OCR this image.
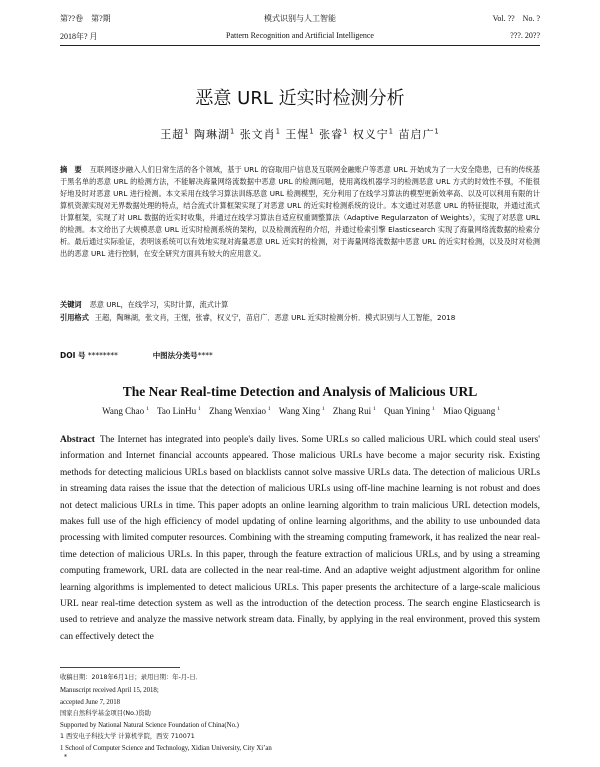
第??卷　第?期	模式识别与人工智能	Vol. ??　No. ?
2018年? 月	Pattern Recognition and Artificial Intelligence	???. 20??
恶意 URL 近实时检测分析
王超$^1$ 陶琳湖$^1$ 张文肖$^1$ 王惺$^1$ 张睿$^1$ 权义宁$^1$ 苗启广$^1$
摘　要 互联网逐步融入人们日常生活的各个领域，基于 URL 的窃取用户信息及互联网金融账户等恶意 URL 开始成为了一大安全隐患，已有的传统基于黑名单的恶意 URL 的检测方法，不能解决海量网络流数据中恶意 URL 的检测问题，使用离线机器学习的检测恶意 URL 方式的时效性不强，不能很好地及时对恶意 URL 进行检测。本文采用在线学习算法训练恶意 URL 检测模型，充分利用了在线学习算法的模型更新效率高、以及可以利用有限的计算机资源实现对无界数据处理的特点，结合流式计算框架实现了对恶意 URL 的近实时检测系统的设计。本文通过对恶意 URL 的特征提取，并通过流式计算框架，实现了对 URL 数据的近实时收集，并通过在线学习算法自适应权重调整算法（Adaptive Regularzaton of Weights），实现了对恶意 URL 的检测。本文给出了大规模恶意 URL 近实时检测系统的架构，以及检测流程的介绍，并通过检索引擎 Elasticsearch 实现了海量网络流数据的检索分析。最后通过实际验证，表明该系统可以有效地实现对海量恶意 URL 近实时的检测，对于海量网络流数据中恶意 URL 的近实时检测，以及及时对检测出的恶意 URL 进行控制，在安全研究方面具有较大的应用意义。
关键词 恶意 URL，在线学习，实时计算，流式计算
引用格式 王超，陶琳湖，张文肖，王惺，张睿，权义宁，苗启广．恶意 URL 近实时检测分析．模式识别与人工智能，2018
DOI 号 ********	中图法分类号****
The Near Real-time Detection and Analysis of Malicious URL
Wang Chao $^1$ Tao LinHu $^1$ Zhang Wenxiao $^1$ Wang Xing $^1$ Zhang Rui $^1$ Quan Yining $^1$ Miao Qiguang $^1$
Abstract The Internet has integrated into people's daily lives. Some URLs so called malicious URL which could steal users' information and Internet financial accounts appeared. Those malicious URLs have become a major security risk. Existing methods for detecting malicious URLs based on blacklists cannot solve massive URLs data. The detection of malicious URLs in streaming data raises the issue that the detection of malicious URLs using off-line machine learning is not robust and does not detect malicious URLs in time. This paper adopts an online learning algorithm to train malicious URL detection models, makes full use of the high efficiency of model updating of online learning algorithms, and the ability to use unbounded data processing with limited computer resources. Combining with the streaming computing framework, it has realized the near real-time detection of malicious URLs. In this paper, through the feature extraction of malicious URLs, and by using a streaming computing framework, URL data are collected in the near real-time. And an adaptive weight adjustment algorithm for online learning algorithms is implemented to detect malicious URLs. This paper presents the architecture of a large-scale malicious URL near real-time detection system as well as the introduction of the detection process. The search engine Elasticsearch is used to retrieve and analyze the massive network stream data. Finally, by applying in the real environment, proved this system can effectively detect the
收稿日期：2018年6月1日；录用日期：年-月-日．
Manuscript received April 15, 2018;
accepted June 7, 2018
国家自然科学基金项目(No.)资助
Supported by National Natural Science Foundation of China(No.)
1 西安电子科技大学 计算机学院，西安 710071
1 School of Computer Science and Technology, Xidian University, City Xi’an
*
